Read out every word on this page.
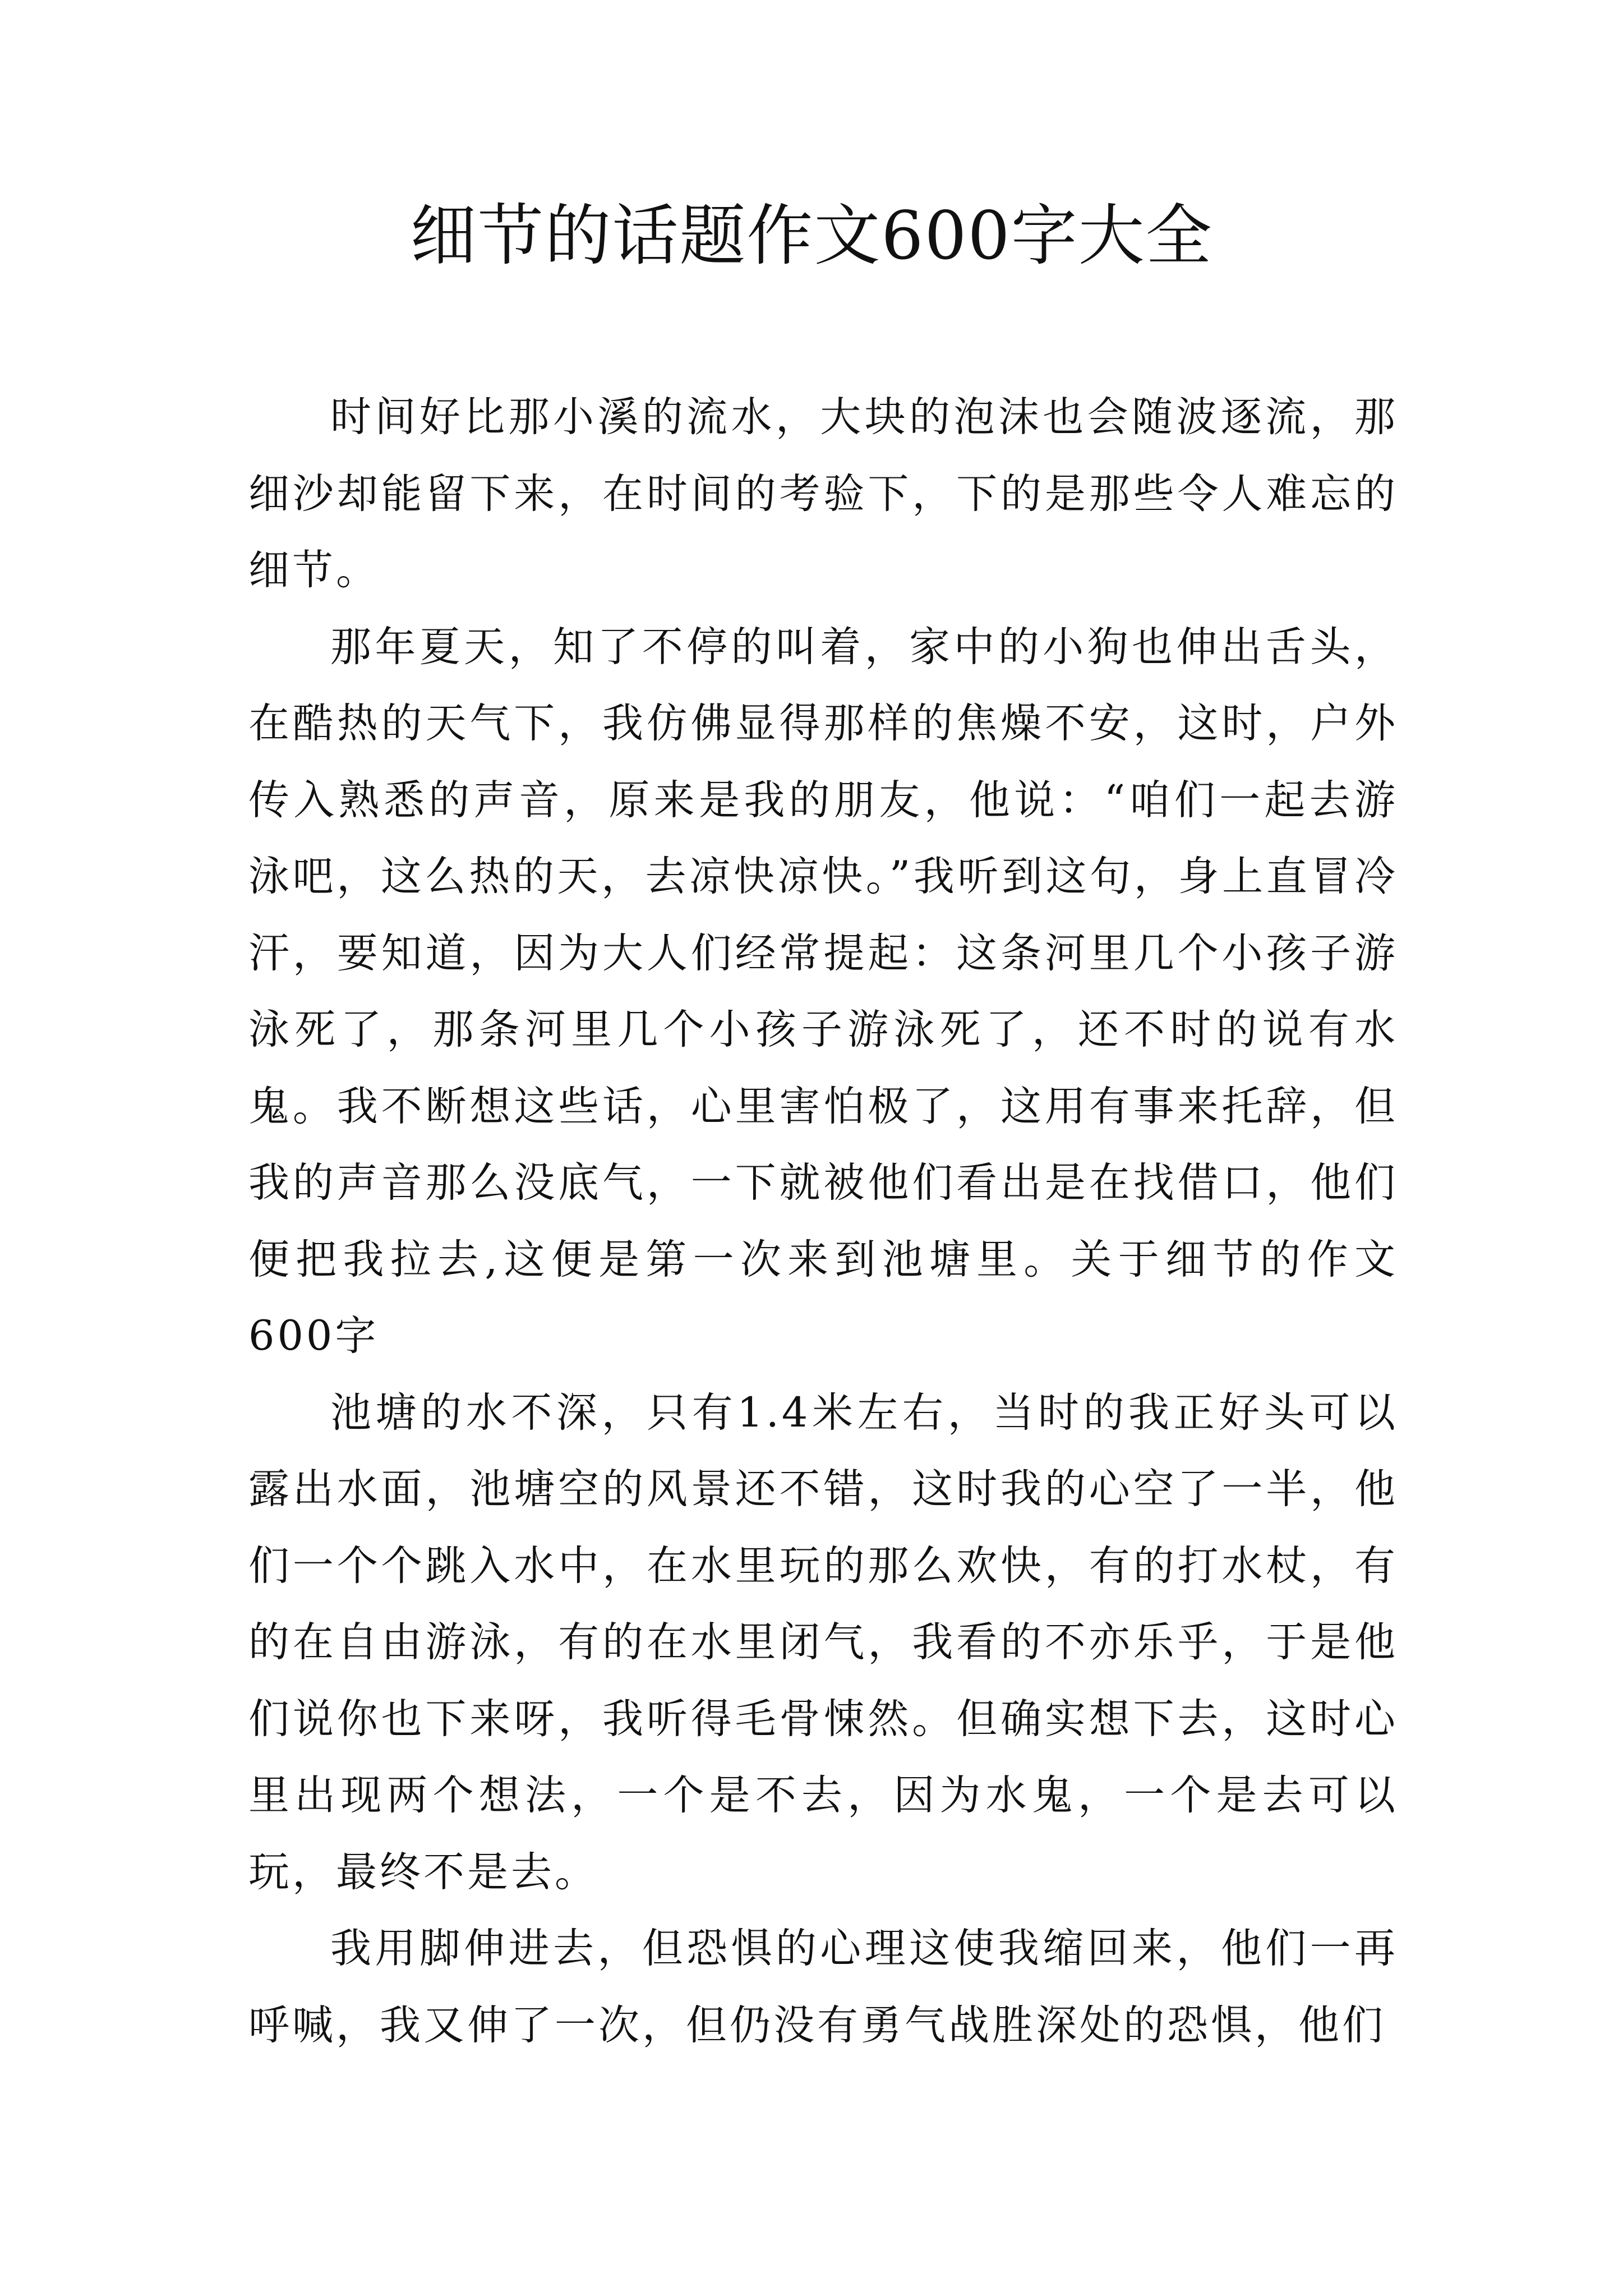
细节的话题作文600字大全

时间好比那小溪的流水，大块的泡沫也会随波逐流，那细沙却能留下来，在时间的考验下，下的是那些令人难忘的细节。

那年夏天，知了不停的叫着，家中的小狗也伸出舌头，在酷热的天气下，我仿佛显得那样的焦燥不安，这时，户外传入熟悉的声音，原来是我的朋友，他说：“咱们一起去游泳吧，这么热的天，去凉快凉快。”我听到这句，身上直冒冷汗，要知道，因为大人们经常提起：这条河里几个小孩子游泳死了，那条河里几个小孩子游泳死了，还不时的说有水鬼。我不断想这些话，心里害怕极了，这用有事来托辞，但我的声音那么没底气，一下就被他们看出是在找借口，他们便把我拉去,这便是第一次来到池塘里。关于细节的作文600字

池塘的水不深，只有1.4米左右，当时的我正好头可以露出水面，池塘空的风景还不错，这时我的心空了一半，他们一个个跳入水中，在水里玩的那么欢快，有的打水杖，有的在自由游泳，有的在水里闭气，我看的不亦乐乎，于是他们说你也下来呀，我听得毛骨悚然。但确实想下去，这时心里出现两个想法，一个是不去，因为水鬼，一个是去可以玩，最终不是去。

我用脚伸进去，但恐惧的心理这使我缩回来，他们一再呼喊，我又伸了一次，但仍没有勇气战胜深处的恐惧，他们
